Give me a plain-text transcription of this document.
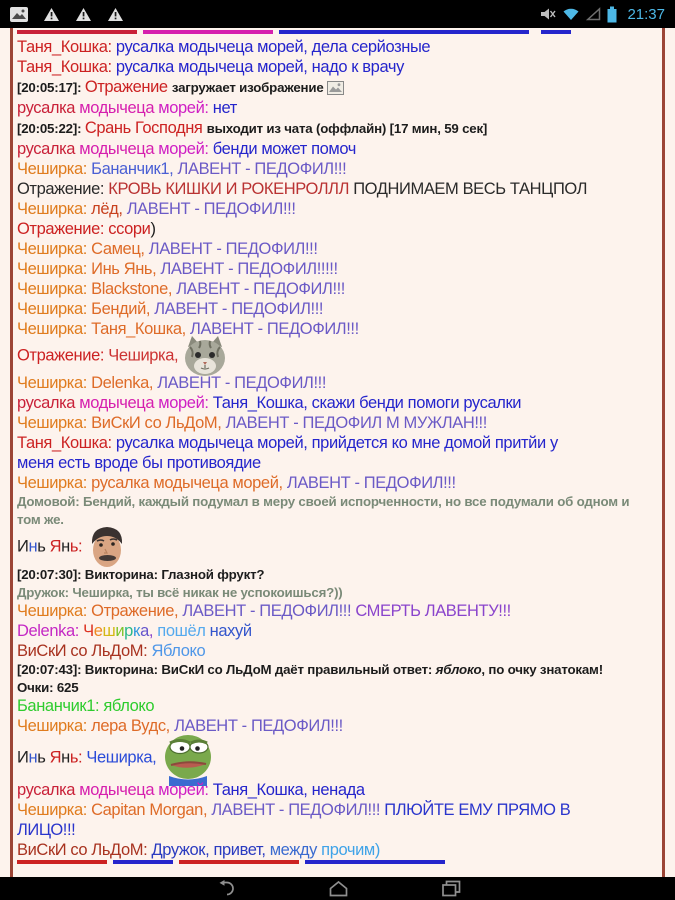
21:37
Таня_Кошка: русалка модычеца морей, дела серйозные
Таня_Кошка: русалка модычеца морей, надо к врачу
[20:05:17]: Отражение загружает изображение
русалка модычеца морей: нет
[20:05:22]: Срань Господня выходит из чата (оффлайн) [17 мин, 59 сек]
русалка модычеца морей: бенди может помоч
Чеширка: Бананчик1, ЛАВЕНТ - ПЕДОФИЛ!!!
Отражение: КРОВЬ КИШКИ И РОКЕНРОЛЛЛ ПОДНИМАЕМ ВЕСЬ ТАНЦПОЛ
Чеширка: лёд, ЛАВЕНТ - ПЕДОФИЛ!!!
Отражение: ссори)
Чеширка: Самец, ЛАВЕНТ - ПЕДОФИЛ!!!
Чеширка: Инь Янь, ЛАВЕНТ - ПЕДОФИЛ!!!!!
Чеширка: Blackstone, ЛАВЕНТ - ПЕДОФИЛ!!!
Чеширка: Бендий, ЛАВЕНТ - ПЕДОФИЛ!!!
Чеширка: Таня_Кошка, ЛАВЕНТ - ПЕДОФИЛ!!!
Отражение: Чеширка,
Чеширка: Delenka, ЛАВЕНТ - ПЕДОФИЛ!!!
русалка модычеца морей: Таня_Кошка, скажи бенди помоги русалки
Чеширка: ВиСкИ со ЛьДоМ, ЛАВЕНТ - ПЕДОФИЛ М МУЖЛАН!!!
Таня_Кошка: русалка модычеца морей, прийдется ко мне домой притйи у
меня есть вроде бы противоядие
Чеширка: русалка модычеца морей, ЛАВЕНТ - ПЕДОФИЛ!!!
Домовой: Бендий, каждый подумал в меру своей испорченности, но все подумали об одном и
том же.
Инь Янь:
[20:07:30]: Викторина: Глазной фрукт?
Дружок: Чеширка, ты всё никак не успокоишься?))
Чеширка: Отражение, ЛАВЕНТ - ПЕДОФИЛ!!! СМЕРТЬ ЛАВЕНТУ!!!
Delenka: Чеширка, пошёл нахуй
ВиСкИ со ЛьДоМ: Яблоко
[20:07:43]: Викторина: ВиСкИ со ЛьДоМ даёт правильный ответ: яблоко, по очку знатокам!
Очки: 625
Бананчик1: яблоко
Чеширка: лера Вудс, ЛАВЕНТ - ПЕДОФИЛ!!!
Инь Янь: Чеширка,
русалка модычеца морей: Таня_Кошка, ненада
Чеширка: Capitan Morgan, ЛАВЕНТ - ПЕДОФИЛ!!! ПЛЮЙТЕ ЕМУ ПРЯМО В
ЛИЦО!!!
ВиСкИ со ЛьДоМ: Дружок, привет, между прочим)
